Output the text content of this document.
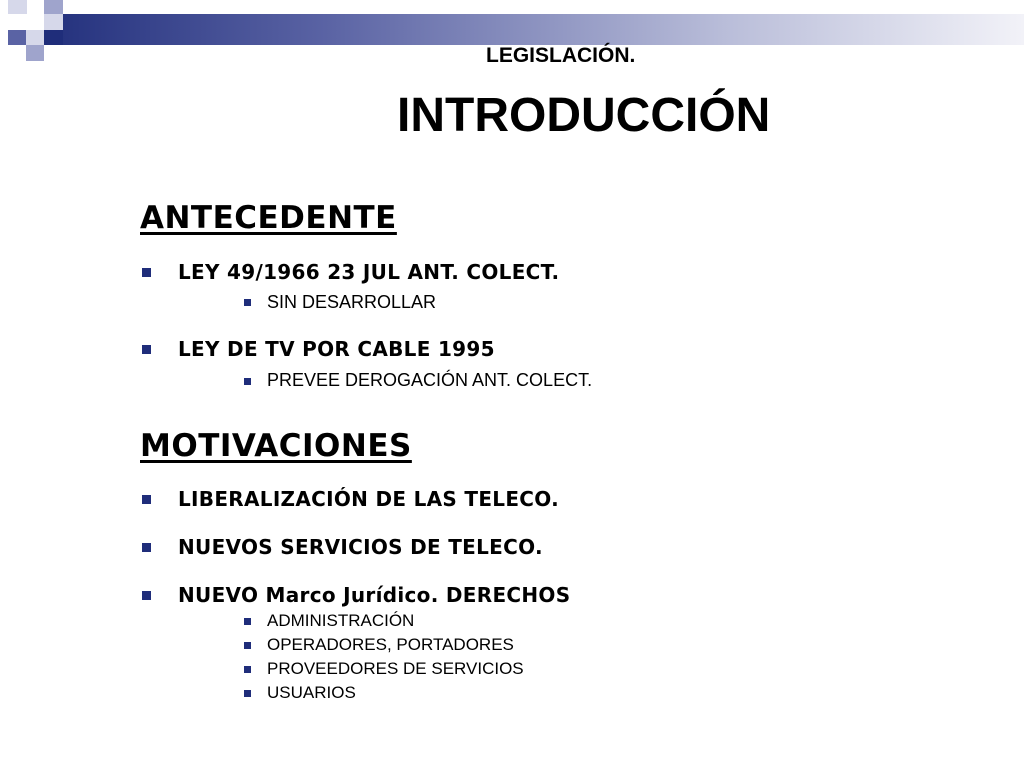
LEGISLACIÓN.
INTRODUCCIÓN
ANTECEDENTE
LEY 49/1966 23 JUL ANT. COLECT.
SIN DESARROLLAR
LEY DE TV POR CABLE 1995
PREVEE DEROGACIÓN ANT. COLECT.
MOTIVACIONES
LIBERALIZACIÓN DE LAS TELECO.
NUEVOS SERVICIOS DE TELECO.
NUEVO Marco Jurídico. DERECHOS
ADMINISTRACIÓN
OPERADORES, PORTADORES
PROVEEDORES DE SERVICIOS
USUARIOS
